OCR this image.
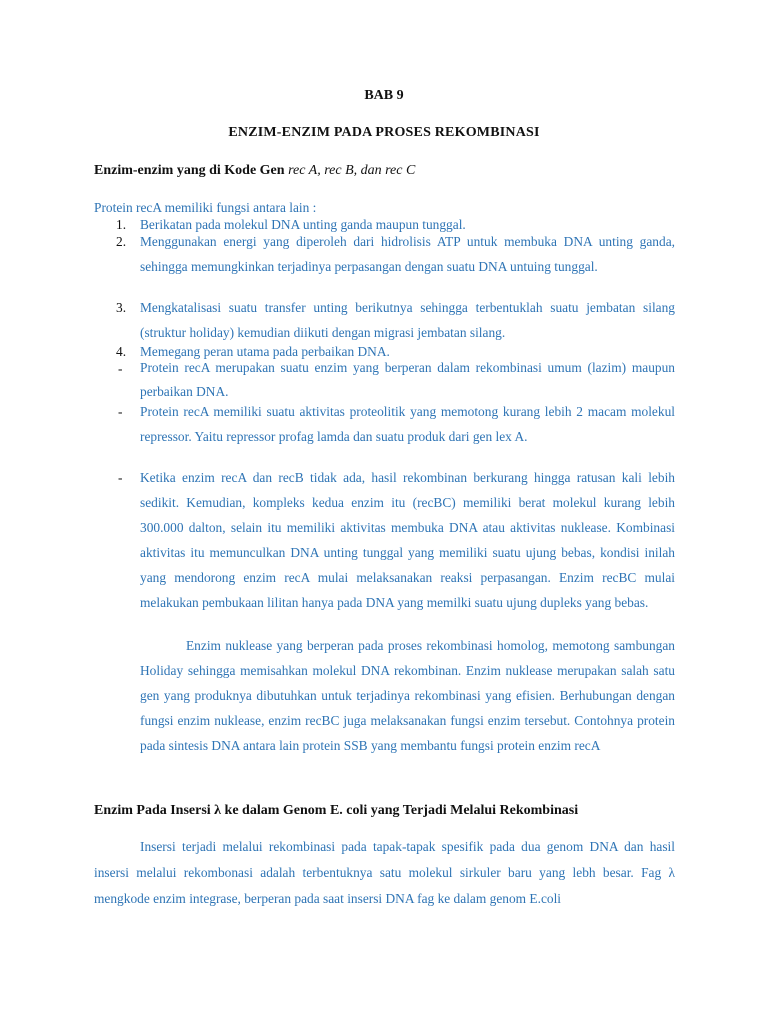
BAB 9
ENZIM-ENZIM PADA PROSES REKOMBINASI
Enzim-enzim yang di Kode Gen rec A, rec B, dan rec C
Protein recA memiliki fungsi antara lain :
1. Berikatan pada molekul DNA unting ganda maupun tunggal.
2. Menggunakan energi yang diperoleh dari hidrolisis ATP untuk membuka DNA unting ganda, sehingga memungkinkan terjadinya perpasangan dengan suatu DNA untuing tunggal.
3. Mengkatalisasi suatu transfer unting berikutnya sehingga terbentuklah suatu jembatan silang (struktur holiday) kemudian diikuti dengan migrasi jembatan silang.
4. Memegang peran utama pada perbaikan DNA.
- Protein recA merupakan suatu enzim yang berperan dalam rekombinasi umum (lazim) maupun perbaikan DNA.
- Protein recA memiliki suatu aktivitas proteolitik yang memotong kurang lebih 2 macam molekul repressor. Yaitu repressor profag lamda dan suatu produk dari gen lex A.
- Ketika enzim recA dan recB tidak ada, hasil rekombinan berkurang hingga ratusan kali lebih sedikit. Kemudian, kompleks kedua enzim itu (recBC) memiliki berat molekul kurang lebih 300.000 dalton, selain itu memiliki aktivitas membuka DNA atau aktivitas nuklease. Kombinasi aktivitas itu memunculkan DNA unting tunggal yang memiliki suatu ujung bebas, kondisi inilah yang mendorong enzim recA mulai melaksanakan reaksi perpasangan. Enzim recBC mulai melakukan pembukaan lilitan hanya pada DNA yang memilki suatu ujung dupleks yang bebas.
Enzim nuklease yang berperan pada proses rekombinasi homolog, memotong sambungan Holiday sehingga memisahkan molekul DNA rekombinan. Enzim nuklease merupakan salah satu gen yang produknya dibutuhkan untuk terjadinya rekombinasi yang efisien. Berhubungan dengan fungsi enzim nuklease, enzim recBC juga melaksanakan fungsi enzim tersebut. Contohnya protein pada sintesis DNA antara lain protein SSB yang membantu fungsi protein enzim recA
Enzim Pada Insersi λ ke dalam Genom E. coli yang Terjadi Melalui Rekombinasi
Insersi terjadi melalui rekombinasi pada tapak-tapak spesifik pada dua genom DNA dan hasil insersi melalui rekombonasi adalah terbentuknya satu molekul sirkuler baru yang lebh besar. Fag λ mengkode enzim integrase, berperan pada saat insersi DNA fag ke dalam genom E.coli
